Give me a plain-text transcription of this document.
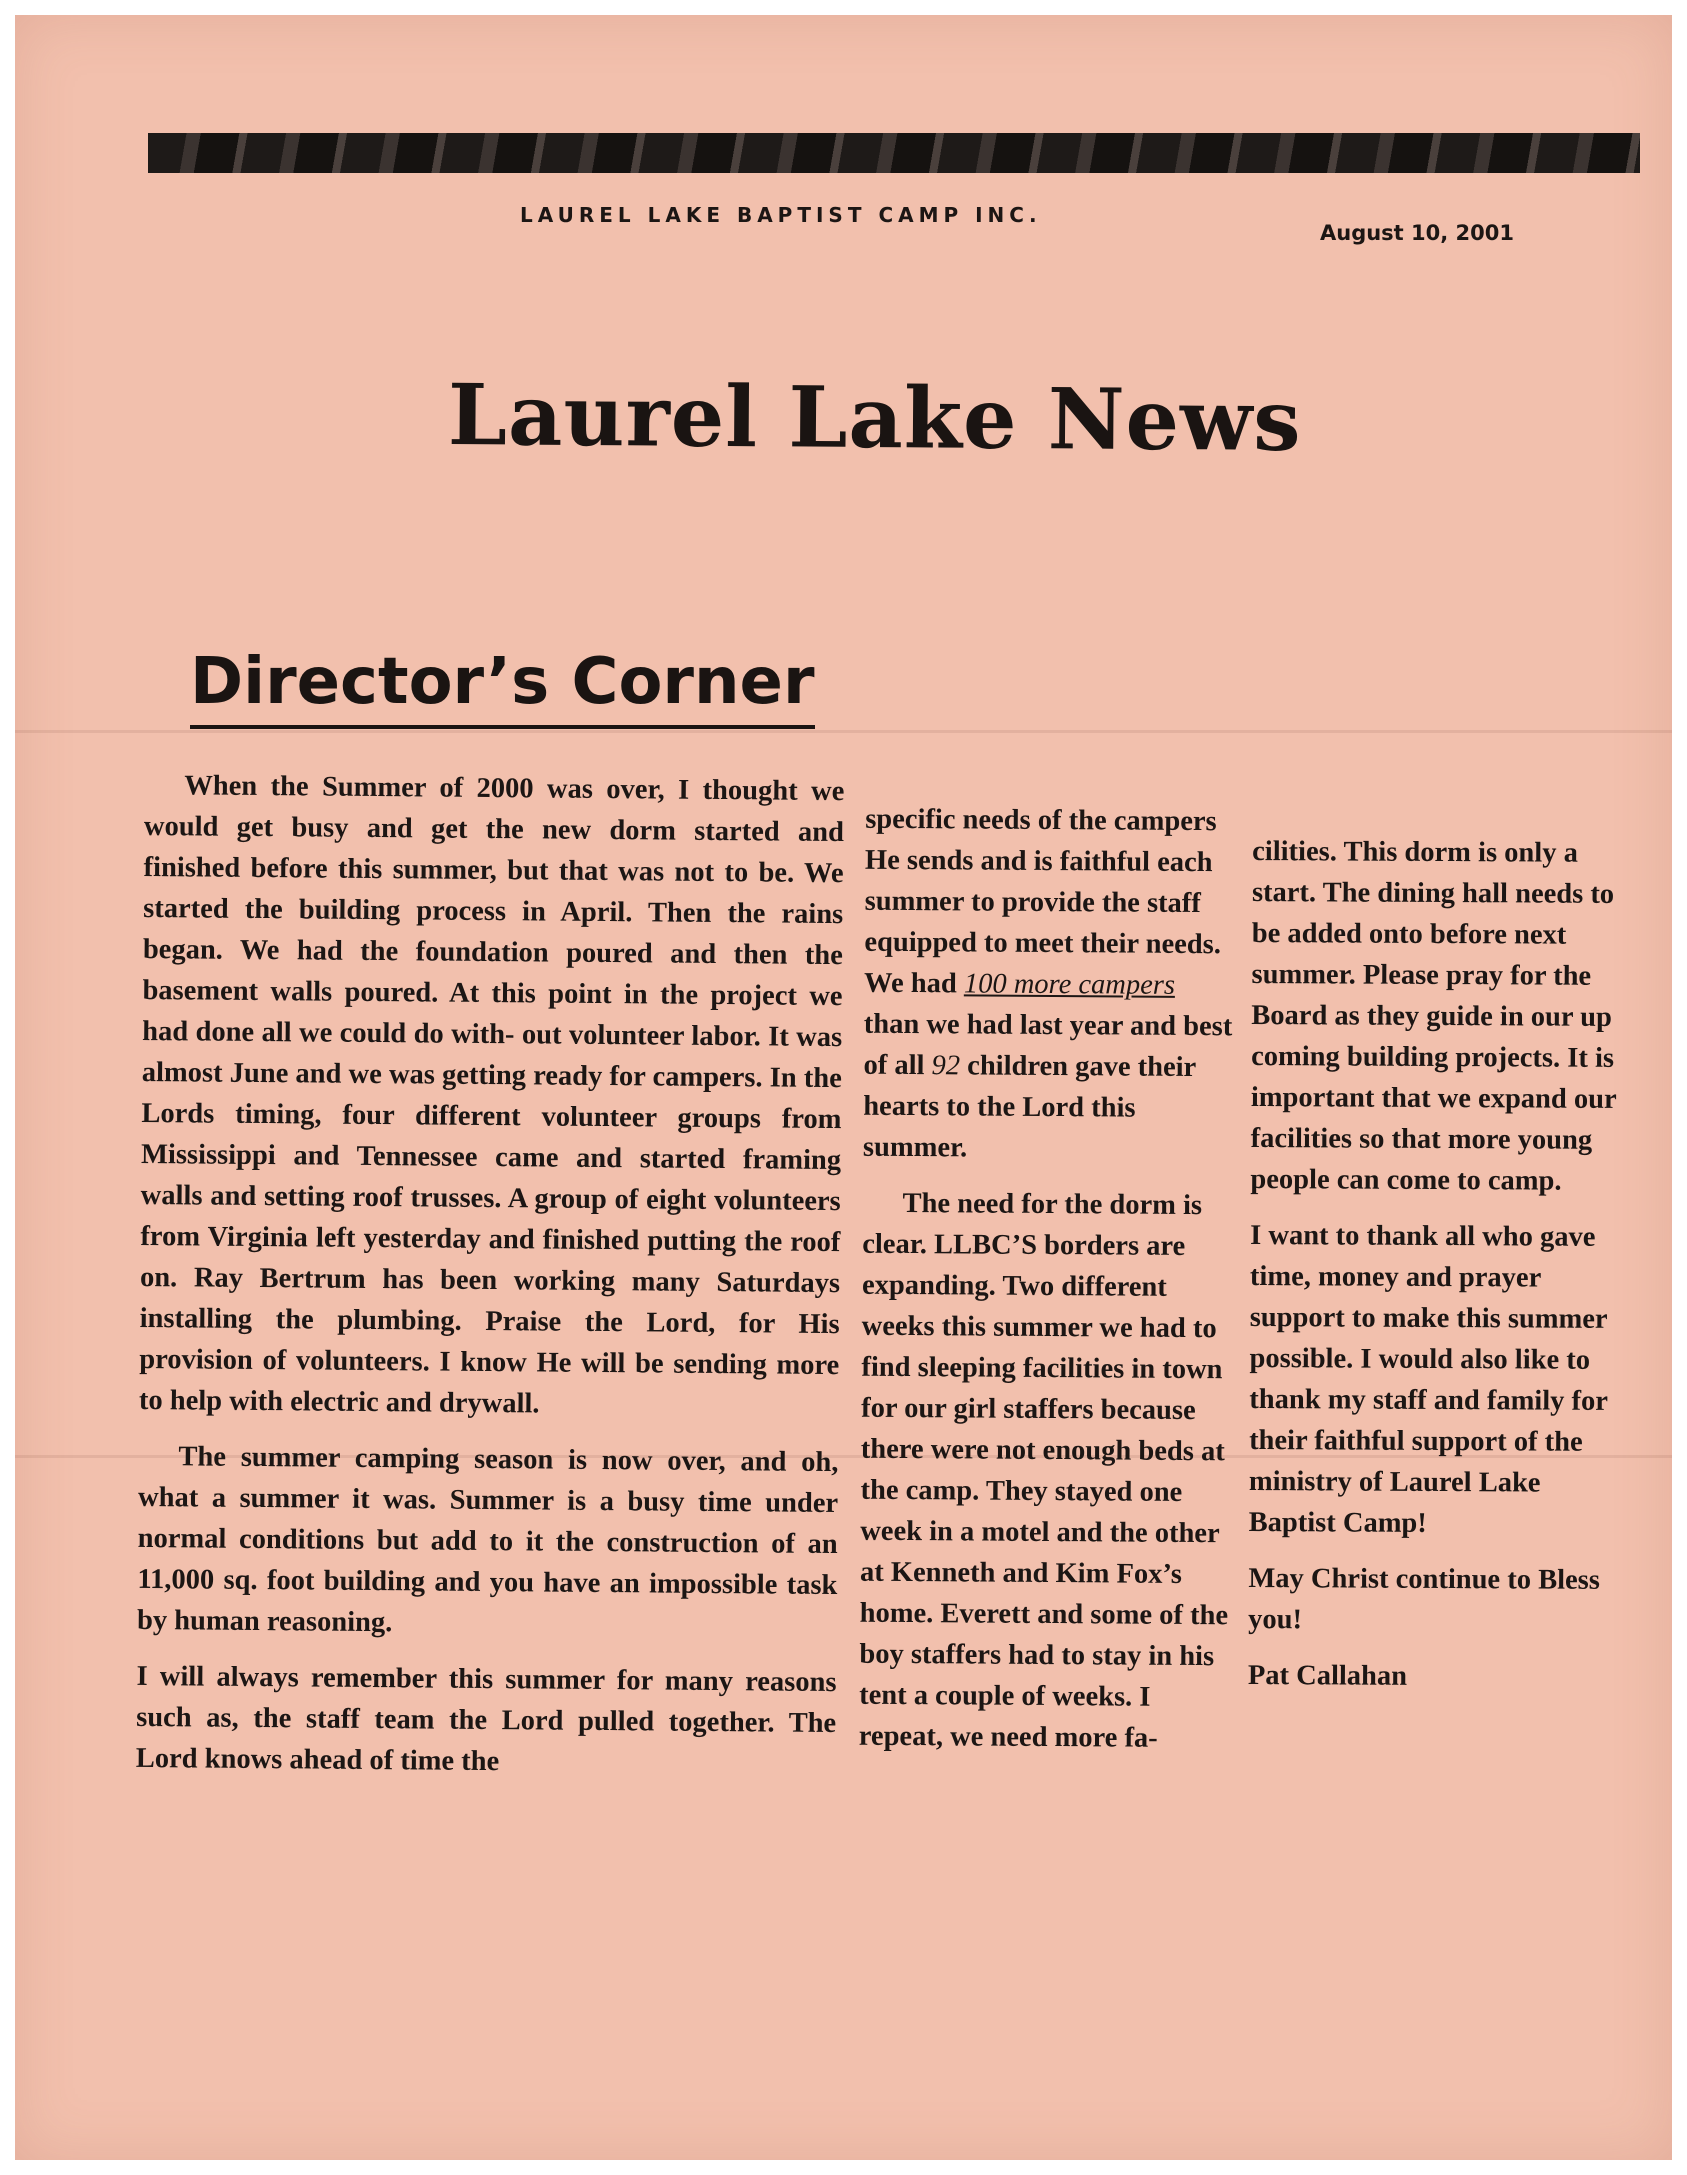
LAUREL LAKE BAPTIST CAMP INC.
August 10, 2001
Laurel Lake News
Director’s Corner

When the Summer of 2000 was over, I thought we would get busy and get the new dorm started and finished before this summer, but that was not to be. We started the building process in April. Then the rains began. We had the foundation poured and then the basement walls poured. At this point in the project we had done all we could do with- out volunteer labor. It was almost June and we was getting ready for campers. In the Lords timing, four different volunteer groups from Mississippi and Tennessee came and started framing walls and setting roof trusses. A group of eight volunteers from Virginia left yesterday and finished putting the roof on. Ray Bertrum has been working many Saturdays installing the plumbing. Praise the Lord, for His provision of volunteers. I know He will be sending more to help with electric and drywall.

The summer camping season is now over, and oh, what a summer it was. Summer is a busy time under normal conditions but add to it the construction of an 11,000 sq. foot building and you have an impossible task by human reasoning.

I will always remember this summer for many reasons such as, the staff team the Lord pulled together. The Lord knows ahead of time the

specific needs of the campers He sends and is faithful each summer to provide the staff equipped to meet their needs. We had 100 more campers than we had last year and best of all 92 children gave their hearts to the Lord this summer.

The need for the dorm is clear. LLBC’S borders are expanding. Two different weeks this summer we had to find sleeping facilities in town for our girl staffers because there were not enough beds at the camp. They stayed one week in a motel and the other at Kenneth and Kim Fox’s home. Everett and some of the boy staffers had to stay in his tent a couple of weeks. I repeat, we need more fa-

cilities. This dorm is only a start. The dining hall needs to be added onto before next summer. Please pray for the Board as they guide in our up coming building projects. It is important that we expand our facilities so that more young people can come to camp.

I want to thank all who gave time, money and prayer support to make this summer possible. I would also like to thank my staff and family for their faithful support of the ministry of Laurel Lake Baptist Camp!

May Christ continue to Bless you!

Pat Callahan
